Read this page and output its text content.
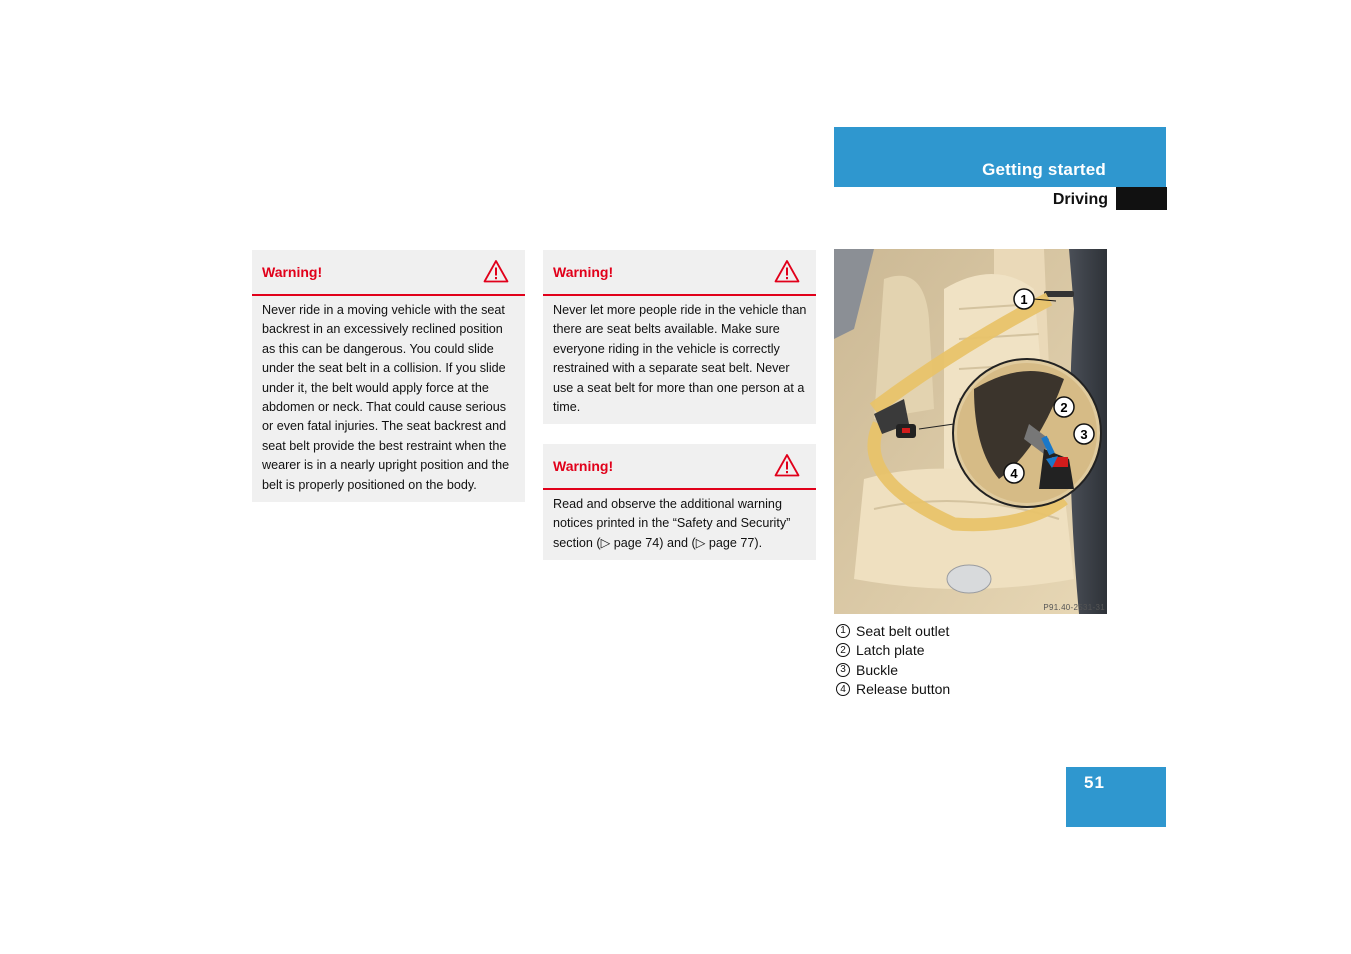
Getting started
Driving
Warning!

Never ride in a moving vehicle with the seat backrest in an excessively reclined position as this can be dangerous. You could slide under the seat belt in a collision. If you slide under it, the belt would apply force at the abdomen or neck. That could cause serious or even fatal injuries. The seat backrest and seat belt provide the best restraint when the wearer is in a nearly upright position and the belt is properly positioned on the body.

Warning!

Never let more people ride in the vehicle than there are seat belts available. Make sure everyone riding in the vehicle is correctly restrained with a separate seat belt. Never use a seat belt for more than one person at a time.

Warning!

Read and observe the additional warning notices printed in the “Safety and Security” section (▷ page 74) and (▷ page 77).

1
2
3
4
P91.40-2531-31
1 Seat belt outlet
2 Latch plate
3 Buckle
4 Release button
51
